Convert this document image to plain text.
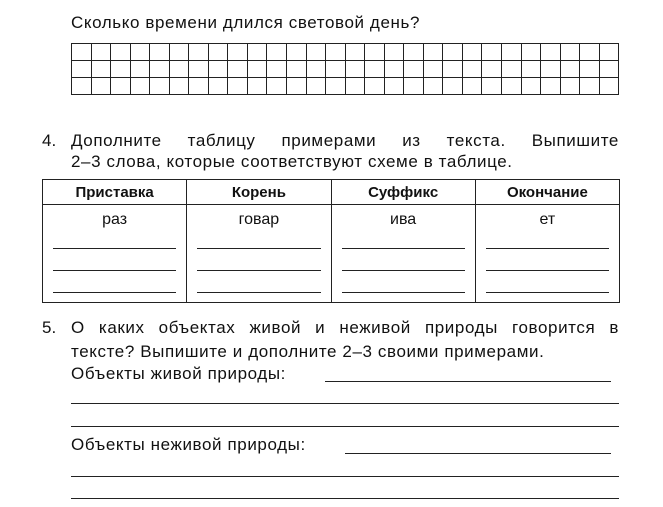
Сколько времени длился световой день?

4. Дополните таблицу примерами из текста. Выпишите
2–3 слова, которые соответствуют схеме в таблице.
Приставка	Корень	Суффикс	Окончание

раз	говар	ива	ет
5. О каких объектах живой и неживой природы говорится в
тексте? Выпишите и дополните 2–3 своими примерами.
Объекты живой природы:
Объекты неживой природы:
